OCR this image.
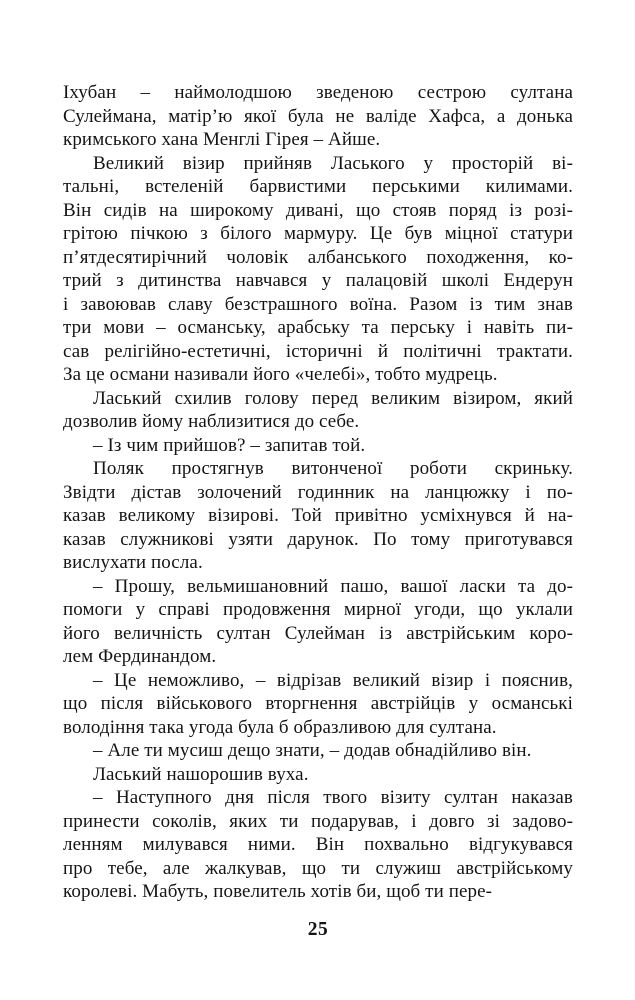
Іхубан – наймолодшою зведеною сестрою султана
Сулеймана, матір’ю якої була не валіде Хафса, а донька
кримського хана Менглі Гірея – Айше.
Великий візир прийняв Ласького у просторій ві-
тальні, встеленій барвистими перськими килимами.
Він сидів на широкому дивані, що стояв поряд із розі-
грітою пічкою з білого мармуру. Це був міцної статури
п’ятдесятирічний чоловік албанського походження, ко-
трий з дитинства навчався у палацовій школі Ендерун
і завоював славу безстрашного воїна. Разом із тим знав
три мови – османську, арабську та перську і навіть пи-
сав релігійно-естетичні, історичні й політичні трактати.
За це османи називали його «челебі», тобто мудрець.
Ласький схилив голову перед великим візиром, який
дозволив йому наблизитися до себе.
– Із чим прийшов? – запитав той.
Поляк простягнув витонченої роботи скриньку.
Звідти дістав золочений годинник на ланцюжку і по-
казав великому візирові. Той привітно усміхнувся й на-
казав служникові узяти дарунок. По тому приготувався
вислухати посла.
– Прошу, вельмишановний пашо, вашої ласки та до-
помоги у справі продовження мирної угоди, що уклали
його величність султан Сулейман із австрійським коро-
лем Фердинандом.
– Це неможливо, – відрізав великий візир і пояснив,
що після військового вторгнення австрійців у османські
володіння така угода була б образливою для султана.
– Але ти мусиш дещо знати, – додав обнадійливо він.
Ласький нашорошив вуха.
– Наступного дня після твого візиту султан наказав
принести соколів, яких ти подарував, і довго зі задово-
ленням милувався ними. Він похвально відгукувався
про тебе, але жалкував, що ти служиш австрійському
королеві. Мабуть, повелитель хотів би, щоб ти пере-
25
